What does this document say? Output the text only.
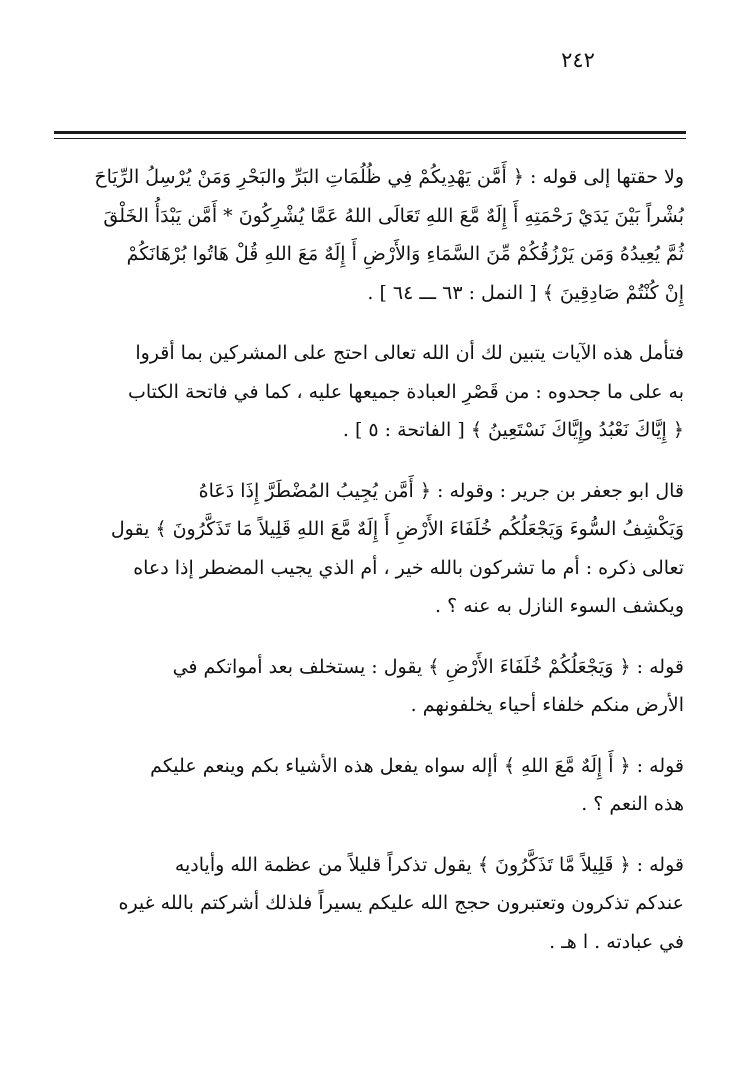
٢٤٢

ولا حقتها إلى قوله : ﴿ أَمَّن يَهْدِيكُمْ فِي ظُلُمَاتِ البَرِّ والبَحْرِ وَمَنْ يُرْسِلُ الرِّيَاحَ
بُشْراً بَيْنَ يَدَيْ رَحْمَتِهِ أَ إِلَهٌ مَّعَ اللهِ تَعَالَى اللهُ عَمَّا يُشْرِكُونَ * أَمَّن يَبْدَأُ الخَلْقَ
ثُمَّ يُعِيدُهُ وَمَن يَرْزُقُكُمْ مِّنَ السَّمَاءِ وَالأَرْضِ أَ إِلَهٌ مَعَ اللهِ قُلْ هَاتُوا بُرْهَانَكُمْ
إِنْ كُنْتُمْ صَادِقِينَ ﴾ [ النمل : ٦٣ ـــ ٦٤ ] .

فتأمل هذه الآيات يتبين لك أن الله تعالى احتج على المشركين بما أقروا
به على ما جحدوه : من قَصْرِ العبادة جميعها عليه ، كما في فاتحة الكتاب
﴿ إِيَّاكَ نَعْبُدُ وإِيَّاكَ نَسْتَعِينُ ﴾ [ الفاتحة : ٥ ] .

قال ابو جعفر بن جرير : وقوله : ﴿ أَمَّن يُجِيبُ المُضْطَرَّ إِذَا دَعَاهُ
وَيَكْشِفُ السُّوءَ وَيَجْعَلُكُم خُلَفَاءَ الأَرْضِ أَ إِلَهٌ مَّعَ اللهِ قَلِيلاً مَا تَذَكَّرُونَ ﴾ يقول
تعالى ذكره : أم ما تشركون بالله خير ، أم الذي يجيب المضطر إذا دعاه
ويكشف السوء النازل به عنه ؟ .

قوله : ﴿ وَيَجْعَلُكُمْ خُلَفَاءَ الأَرْضِ ﴾ يقول : يستخلف بعد أمواتكم في
الأرض منكم خلفاء أحياء يخلفونهم .

قوله : ﴿ أَ إِلَهٌ مَّعَ اللهِ ﴾ أإله سواه يفعل هذه الأشياء بكم وينعم عليكم
هذه النعم ؟ .

قوله : ﴿ قَلِيلاً مَّا تَذَكَّرُونَ ﴾ يقول تذكراً قليلاً من عظمة الله وأياديه
عندكم تذكرون وتعتبرون حجج الله عليكم يسيراً فلذلك أشركتم بالله غيره
في عبادته . ا هـ .
